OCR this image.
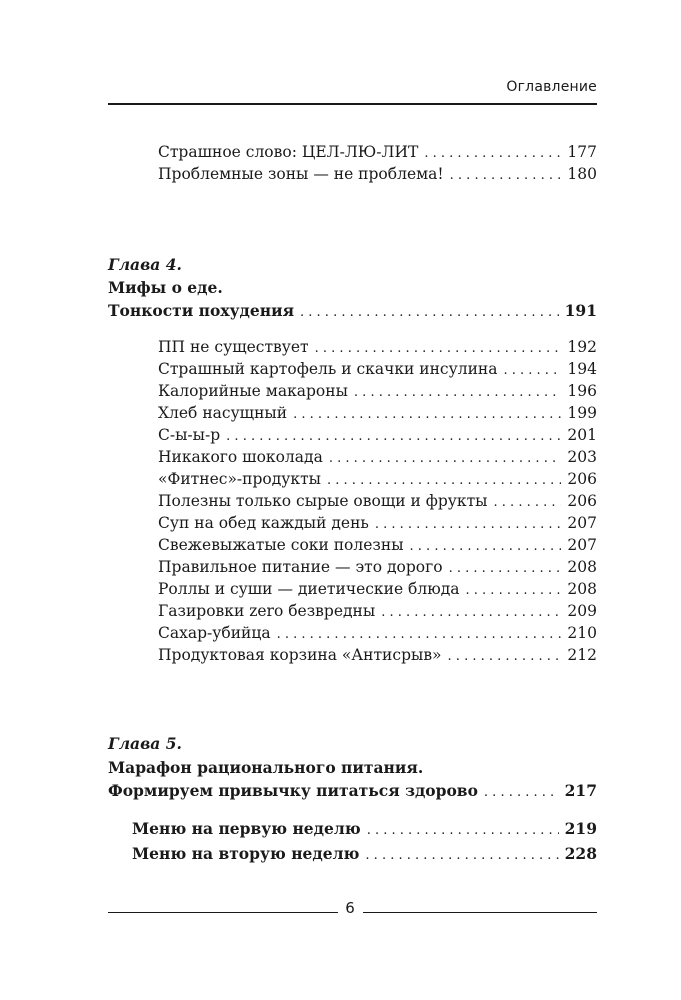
Оглавление
Страшное слово: ЦЕЛ-ЛЮ-ЛИТ . . .	177
Проблемные зоны — не проблема! . . .	180
Глава 4.
Мифы о еде.
Тонкости похудения . . .	191
ПП не существует . . .	192
Страшный картофель и скачки инсулина . . .	194
Калорийные макароны . . .	196
Хлеб насущный . . .	199
С-ы-ы-р . . .	201
Никакого шоколада . . .	203
«Фитнес»-продукты . . .	206
Полезны только сырые овощи и фрукты . . .	206
Суп на обед каждый день . . .	207
Свежевыжатые соки полезны . . .	207
Правильное питание — это дорого . . .	208
Роллы и суши — диетические блюда . . .	208
Газировки zero безвредны . . .	209
Сахар-убийца . . .	210
Продуктовая корзина «Антисрыв» . . .	212
Глава 5.
Марафон рационального питания.
Формируем привычку питаться здорово . . .	217
Меню на первую неделю . . .	219
Меню на вторую неделю . . .	228
6
